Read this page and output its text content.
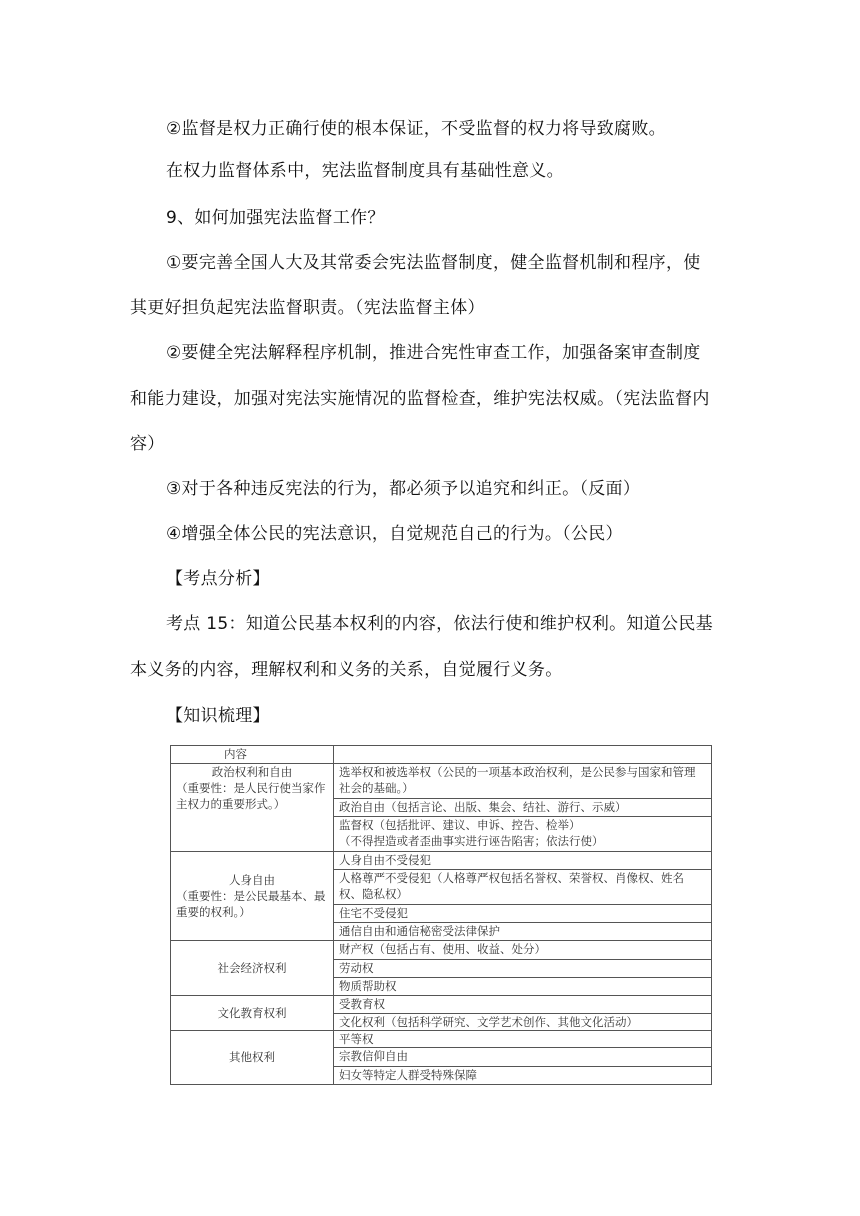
②监督是权力正确行使的根本保证，不受监督的权力将导致腐败。
在权力监督体系中，宪法监督制度具有基础性意义。
9、如何加强宪法监督工作？
①要完善全国人大及其常委会宪法监督制度，健全监督机制和程序，使
其更好担负起宪法监督职责。（宪法监督主体）
②要健全宪法解释程序机制，推进合宪性审查工作，加强备案审查制度
和能力建设，加强对宪法实施情况的监督检查，维护宪法权威。（宪法监督内
容）
③对于各种违反宪法的行为，都必须予以追究和纠正。（反面）
④增强全体公民的宪法意识，自觉规范自己的行为。（公民）
【考点分析】
考点 15：知道公民基本权利的内容，依法行使和维护权利。知道公民基
本义务的内容，理解权利和义务的关系，自觉履行义务。
【知识梳理】
内容	

政治权利和自由
（重要性：是人民行使当家作主权力的重要形式。）	选举权和被选举权（公民的一项基本政治权利，是公民参与国家和管理社会的基础。）
	政治自由（包括言论、出版、集会、结社、游行、示威）

	监督权（包括批评、建议、申诉、控告、检举）
（不得捏造或者歪曲事实进行诬告陷害；依法行使）

人身自由
（重要性：是公民最基本、最重要的权利。）	人身自由不受侵犯
	人格尊严不受侵犯（人格尊严权包括名誉权、荣誉权、肖像权、姓名权、隐私权）
	住宅不受侵犯
	通信自由和通信秘密受法律保护
社会经济权利	财产权（包括占有、使用、收益、处分）
	劳动权
	物质帮助权
文化教育权利	受教育权
	文化权利（包括科学研究、文学艺术创作、其他文化活动）
其他权利	平等权
	宗教信仰自由
	妇女等特定人群受特殊保障
